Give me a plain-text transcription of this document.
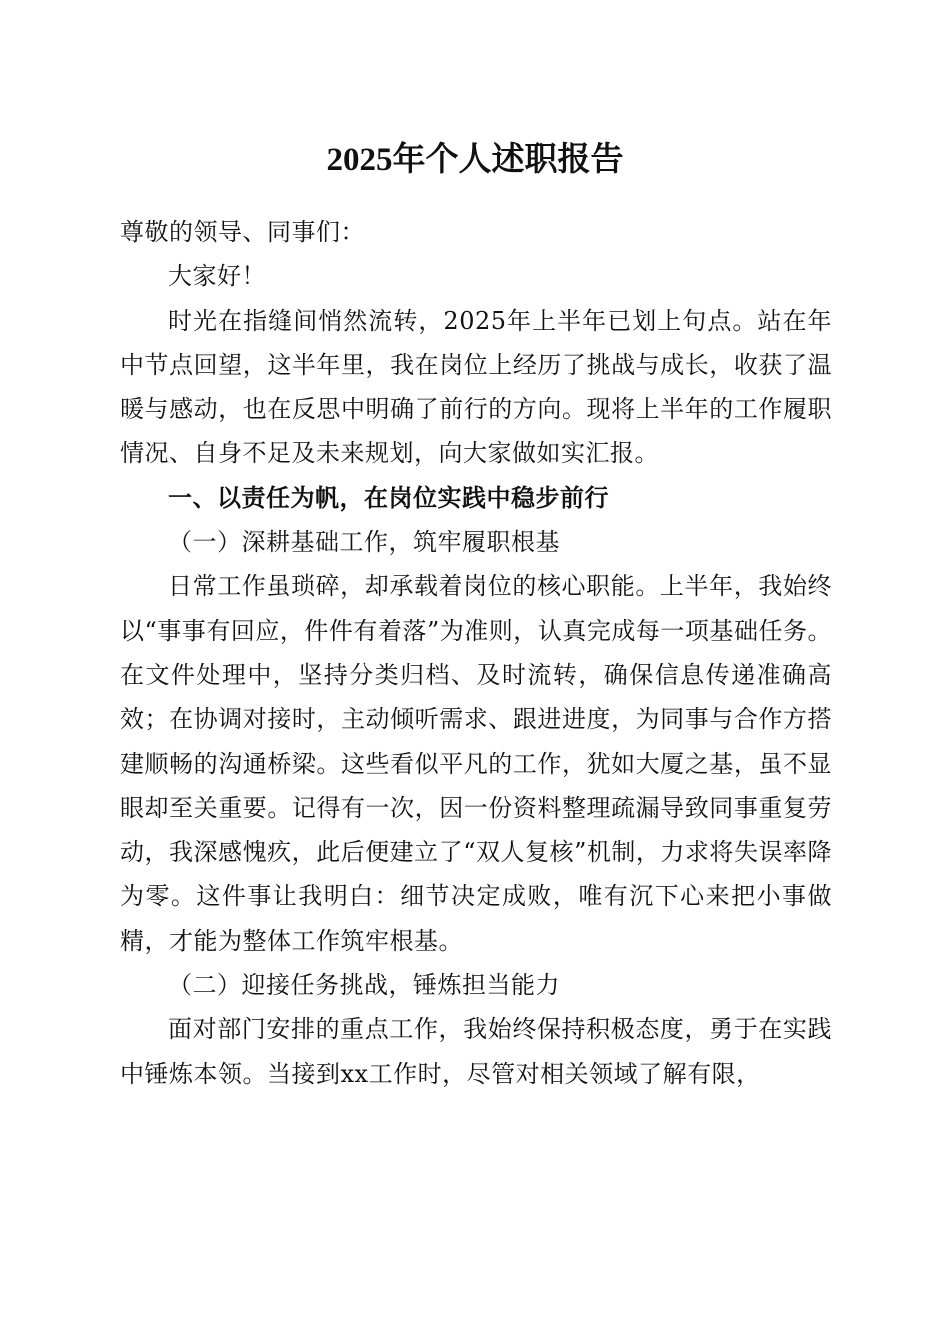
2025年个人述职报告

尊敬的领导、同事们：

大家好！

时光在指缝间悄然流转，2025年上半年已划上句点。站在年中节点回望，这半年里，我在岗位上经历了挑战与成长，收获了温暖与感动，也在反思中明确了前行的方向。现将上半年的工作履职情况、自身不足及未来规划，向大家做如实汇报。

一、以责任为帆，在岗位实践中稳步前行

（一）深耕基础工作，筑牢履职根基

日常工作虽琐碎，却承载着岗位的核心职能。上半年，我始终以“事事有回应，件件有着落”为准则，认真完成每一项基础任务。在文件处理中，坚持分类归档、及时流转，确保信息传递准确高效；在协调对接时，主动倾听需求、跟进进度，为同事与合作方搭建顺畅的沟通桥梁。这些看似平凡的工作，犹如大厦之基，虽不显眼却至关重要。记得有一次，因一份资料整理疏漏导致同事重复劳动，我深感愧疚，此后便建立了“双人复核”机制，力求将失误率降为零。这件事让我明白：细节决定成败，唯有沉下心来把小事做精，才能为整体工作筑牢根基。

（二）迎接任务挑战，锤炼担当能力

面对部门安排的重点工作，我始终保持积极态度，勇于在实践中锤炼本领。当接到xx工作时，尽管对相关领域了解有限，
